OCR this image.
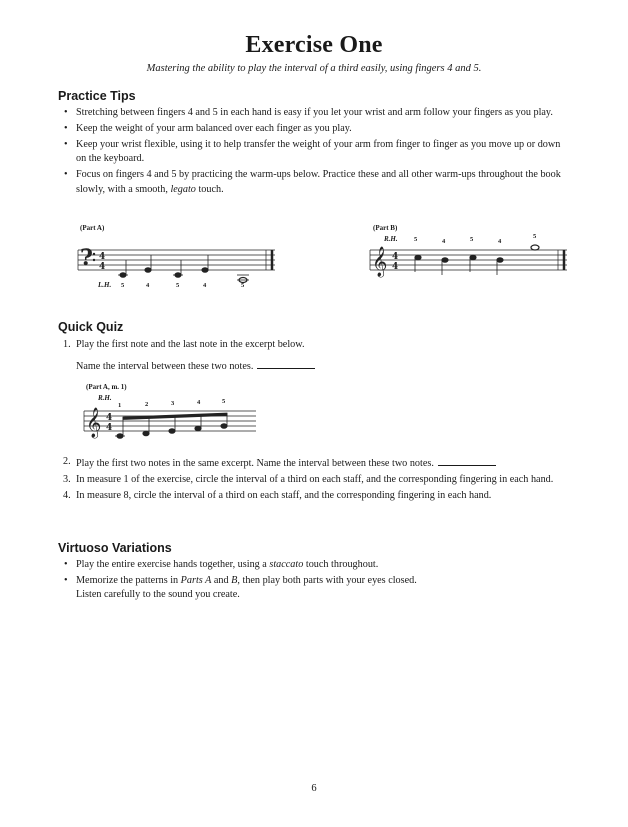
Exercise One
Mastering the ability to play the interval of a third easily, using fingers 4 and 5.
Practice Tips
• Stretching between fingers 4 and 5 in each hand is easy if you let your wrist and arm follow your fingers as you play.
• Keep the weight of your arm balanced over each finger as you play.
• Keep your wrist flexible, using it to help transfer the weight of your arm from finger to finger as you move up or down on the keyboard.
• Focus on fingers 4 and 5 by practicing the warm-ups below. Practice these and all other warm-ups throughout the book slowly, with a smooth, legato touch.
(Part A)
? 4
4
L.H. 5	4	5	4	5
(Part B)
R.H.
𝄞 4
4
5	4	5	4
5
Quick Quiz
1. Play the first note and the last note in the excerpt below.
Name the interval between these two notes.
(Part A, m. 1)
R.H.
𝄞 4
4
1	2	3	4	5
2. Play the first two notes in the same excerpt. Name the interval between these two notes.
3. In measure 1 of the exercise, circle the interval of a third on each staff, and the corresponding fingering in each hand.
4. In measure 8, circle the interval of a third on each staff, and the corresponding fingering in each hand.
Virtuoso Variations
• Play the entire exercise hands together, using a staccato touch throughout.
• Memorize the patterns in Parts A and B, then play both parts with your eyes closed.
Listen carefully to the sound you create.
6
